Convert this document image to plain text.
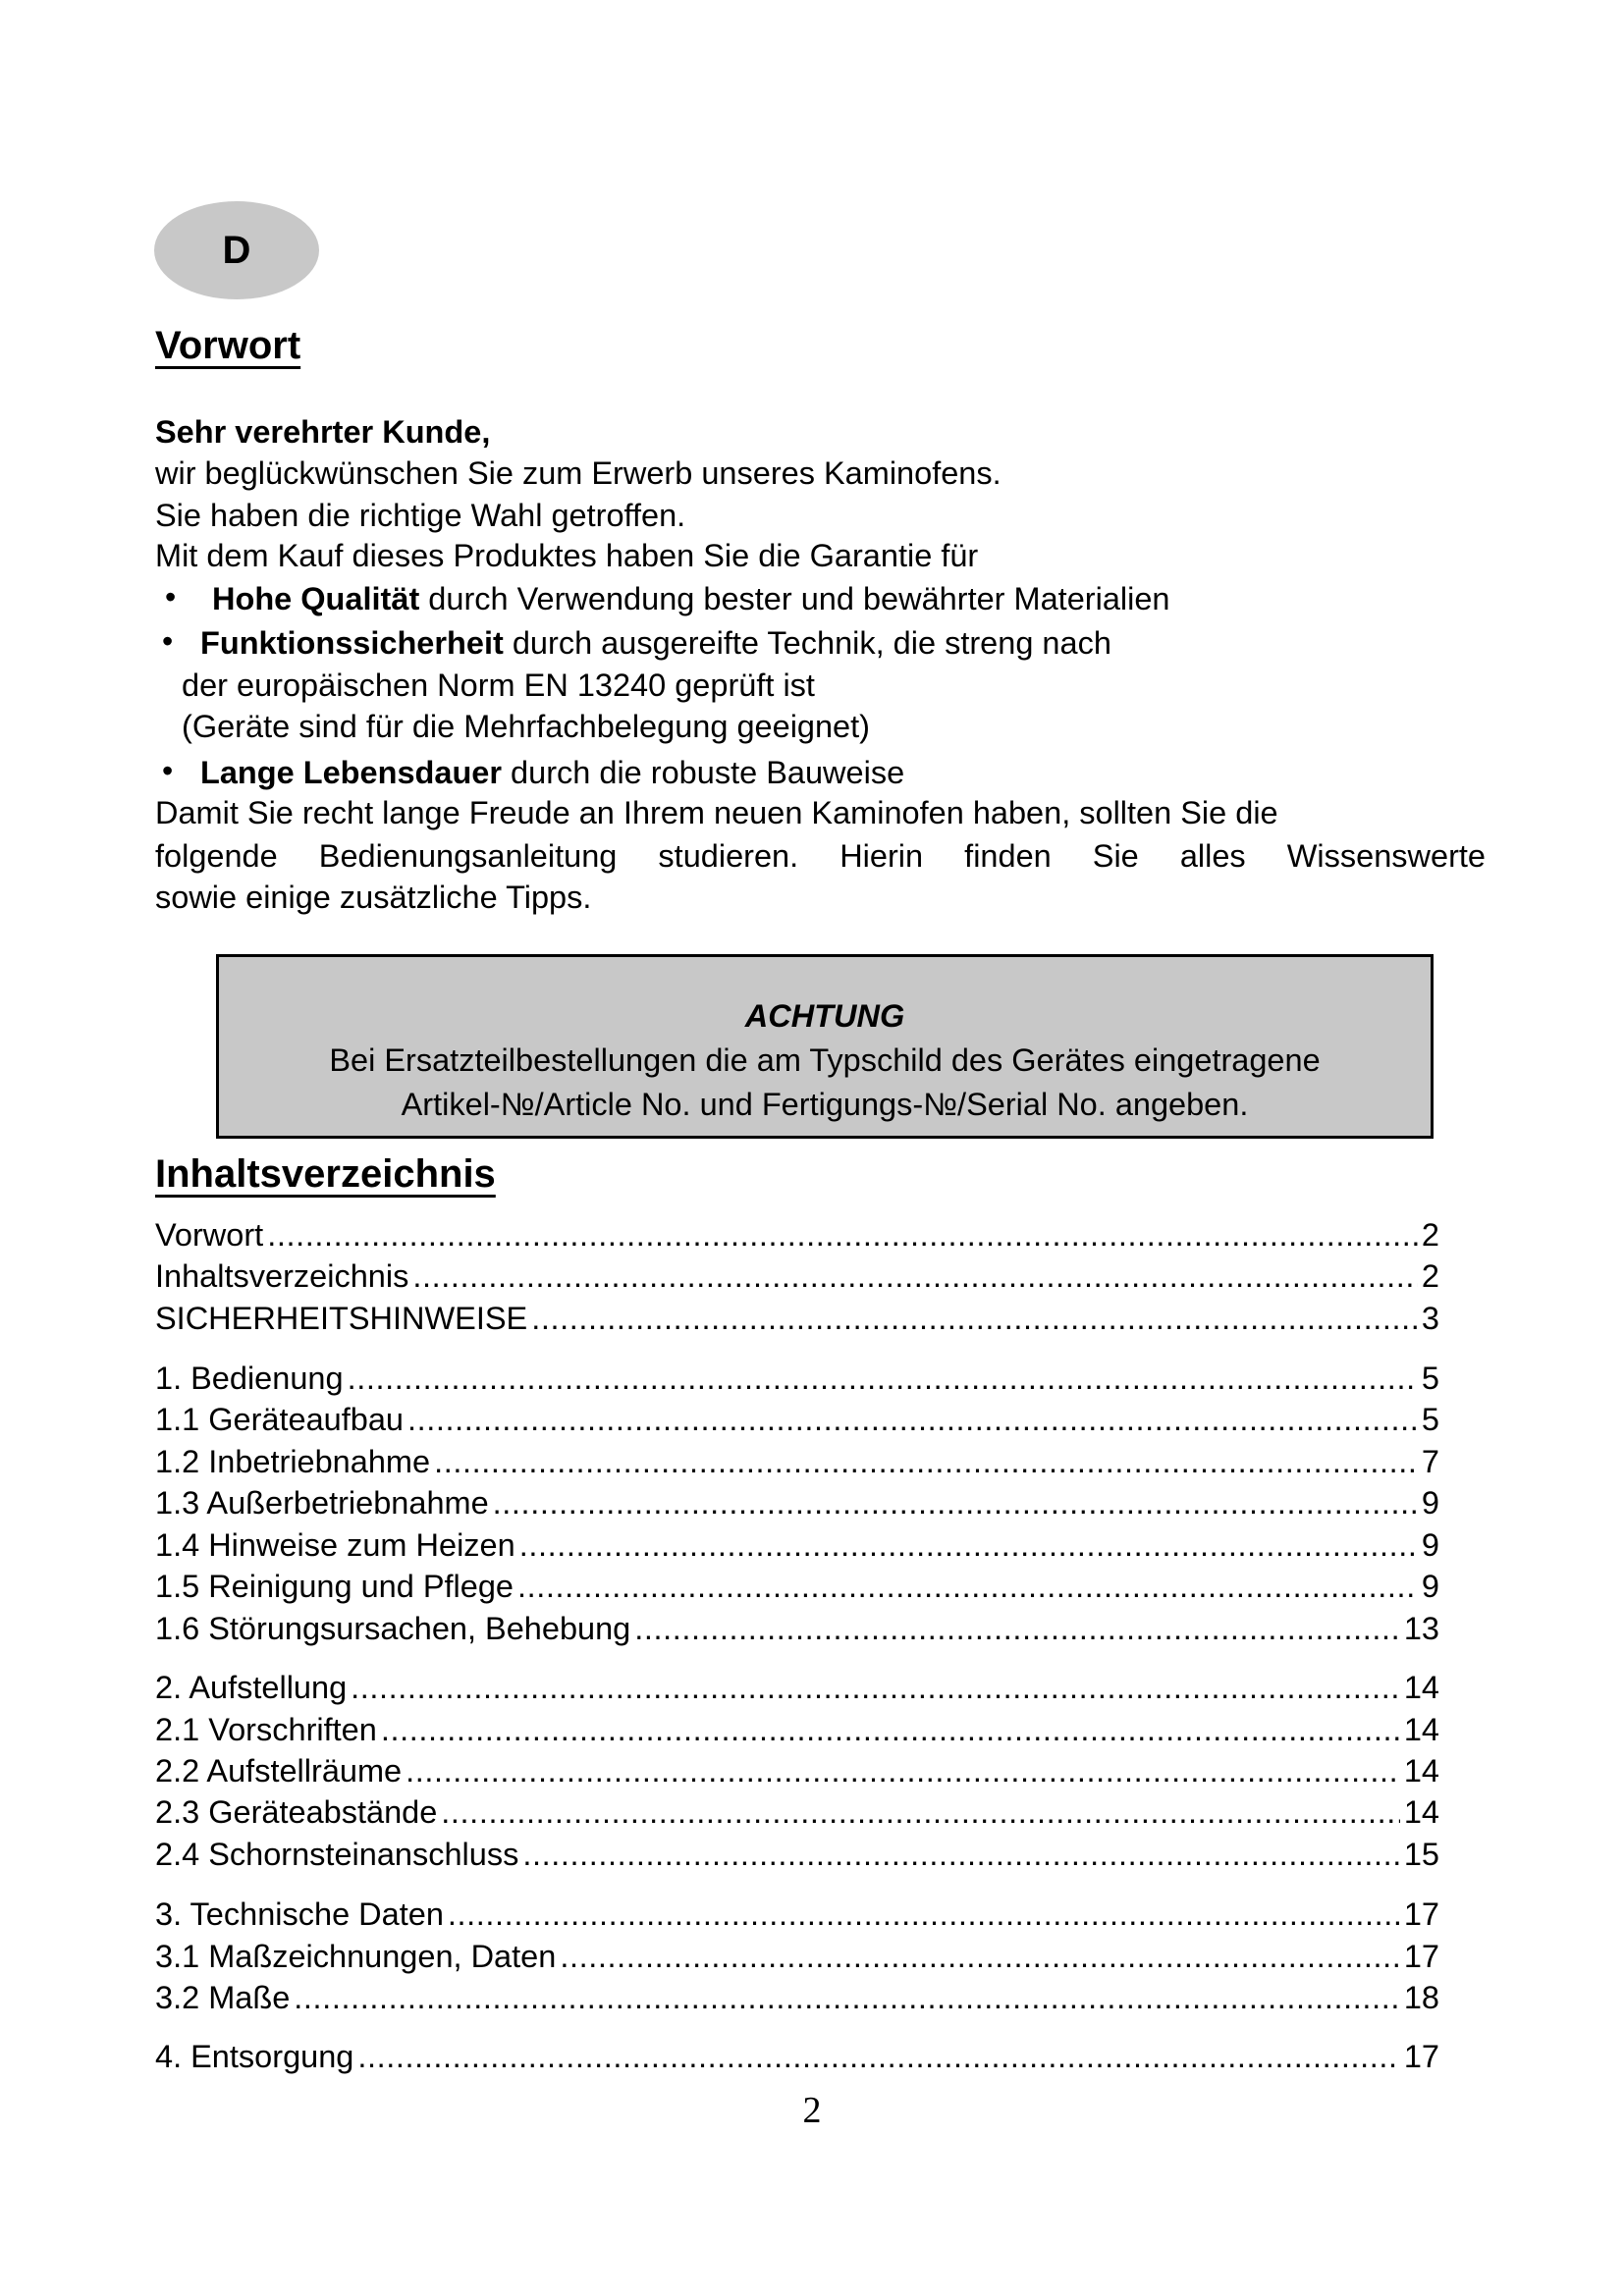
D
Vorwort
Sehr verehrter Kunde,
wir beglückwünschen Sie zum Erwerb unseres Kaminofens.
Sie haben die richtige Wahl getroffen.
Mit dem Kauf dieses Produktes haben Sie die Garantie für
• Hohe Qualität durch Verwendung bester und bewährter Materialien
• Funktionssicherheit durch ausgereifte Technik, die streng nach
der europäischen Norm EN 13240 geprüft ist
(Geräte sind für die Mehrfachbelegung geeignet)
• Lange Lebensdauer durch die robuste Bauweise
Damit Sie recht lange Freude an Ihrem neuen Kaminofen haben, sollten Sie die
folgende Bedienungsanleitung studieren. Hierin finden Sie alles Wissenswerte
sowie einige zusätzliche Tipps.
ACHTUNG
Bei Ersatzteilbestellungen die am Typschild des Gerätes eingetragene
Artikel-№/Article No. und Fertigungs-№/Serial No. angeben.
Inhaltsverzeichnis
Vorwort .....	2
Inhaltsverzeichnis .....	2
SICHERHEITSHINWEISE .....	3
1. Bedienung .....	5
1.1 Geräteaufbau .....	5
1.2 Inbetriebnahme .....	7
1.3 Außerbetriebnahme .....	9
1.4 Hinweise zum Heizen .....	9
1.5 Reinigung und Pflege .....	9
1.6 Störungsursachen, Behebung .....	13
2. Aufstellung .....	14
2.1 Vorschriften .....	14
2.2 Aufstellräume .....	14
2.3 Geräteabstände .....	14
2.4 Schornsteinanschluss .....	15
3. Technische Daten .....	17
3.1 Maßzeichnungen, Daten .....	17
3.2 Maße .....	18
4. Entsorgung .....	17
2
